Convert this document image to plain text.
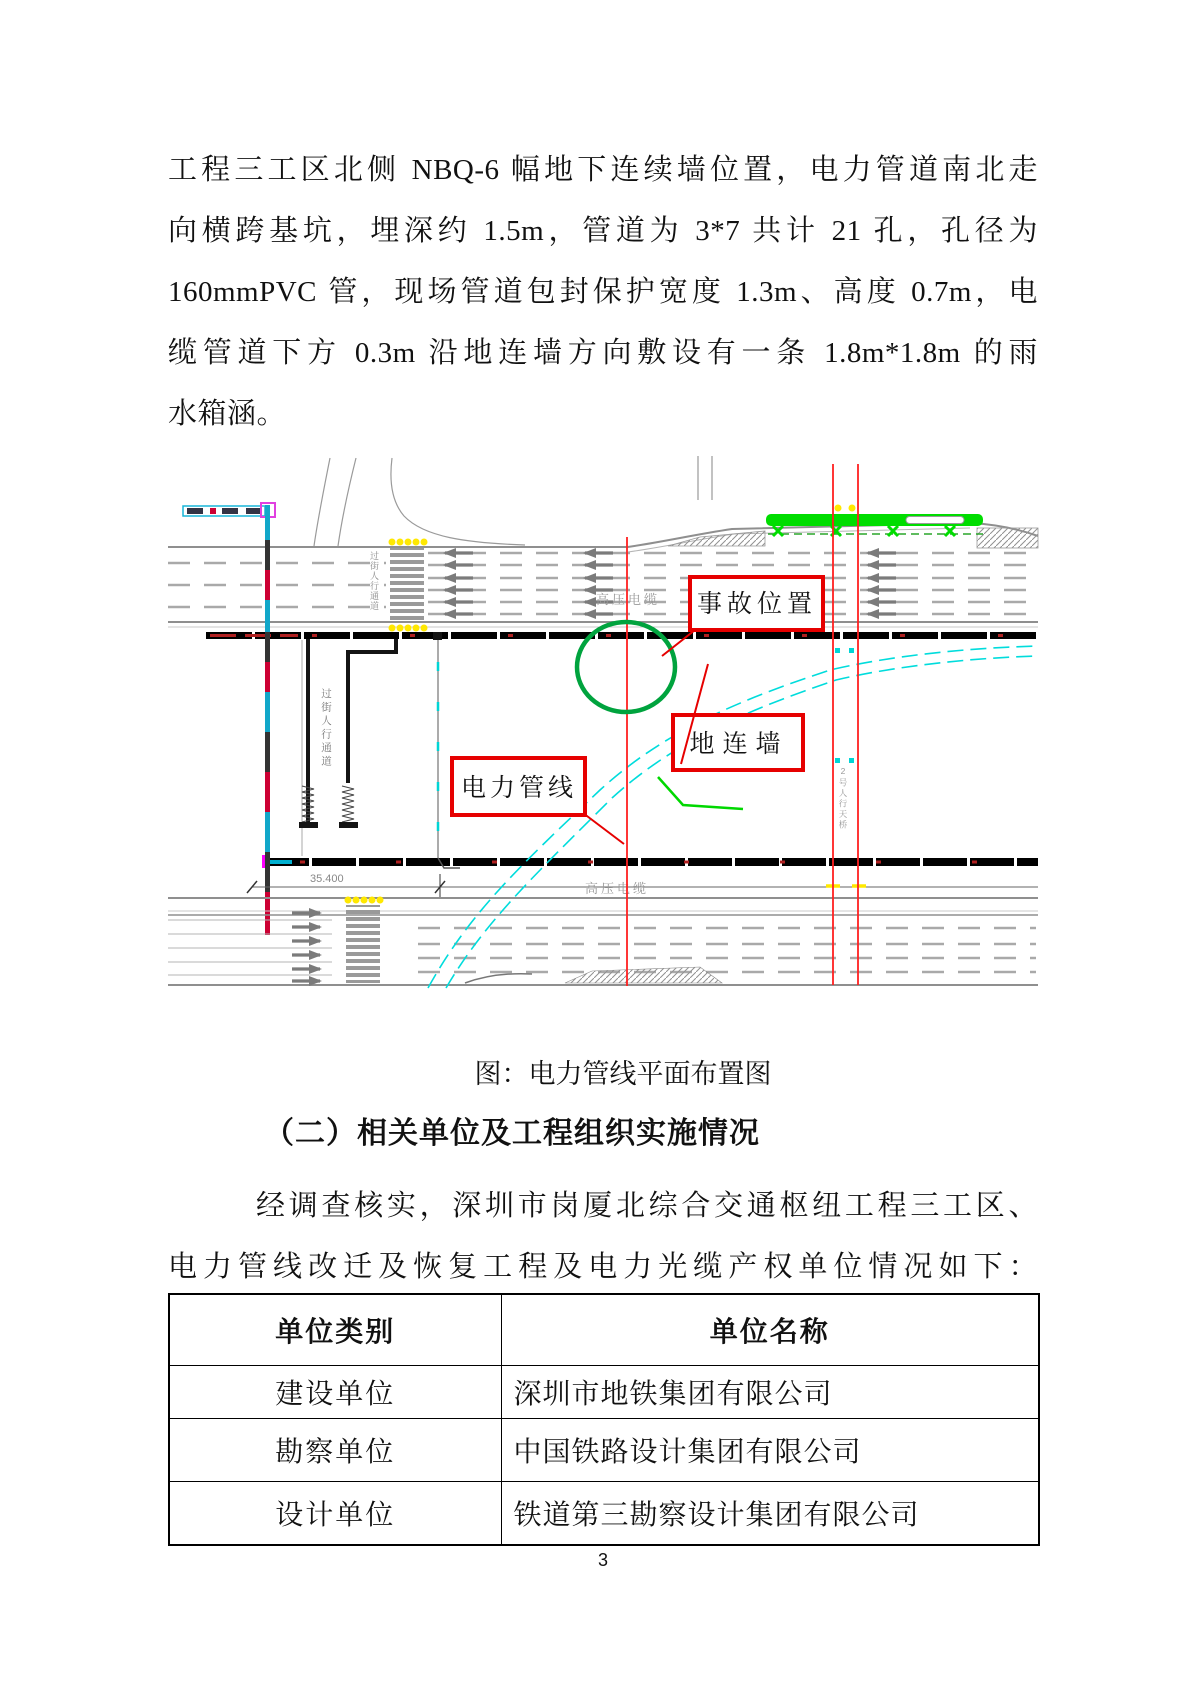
工程三工区北侧 NBQ-6 幅地下连续墙位置，电力管道南北走
向横跨基坑，埋深约 1.5m，管道为 3*7 共计 21 孔，孔径为
160mmPVC 管，现场管道包封保护宽度 1.3m、高度 0.7m，电
缆管道下方 0.3m 沿地连墙方向敷设有一条 1.8m*1.8m 的雨
水箱涵。
过街人行通道
35.400
高压电缆
2号人行天桥
过街人行通道	高压电缆 事故位置
地连墙
电力管线
图：电力管线平面布置图
（二）相关单位及工程组织实施情况
经调查核实，深圳市岗厦北综合交通枢纽工程三工区、
电力管线改迁及恢复工程及电力光缆产权单位情况如下：
单位类别	单位名称
建设单位	深圳市地铁集团有限公司
勘察单位	中国铁路设计集团有限公司
设计单位	铁道第三勘察设计集团有限公司
3
